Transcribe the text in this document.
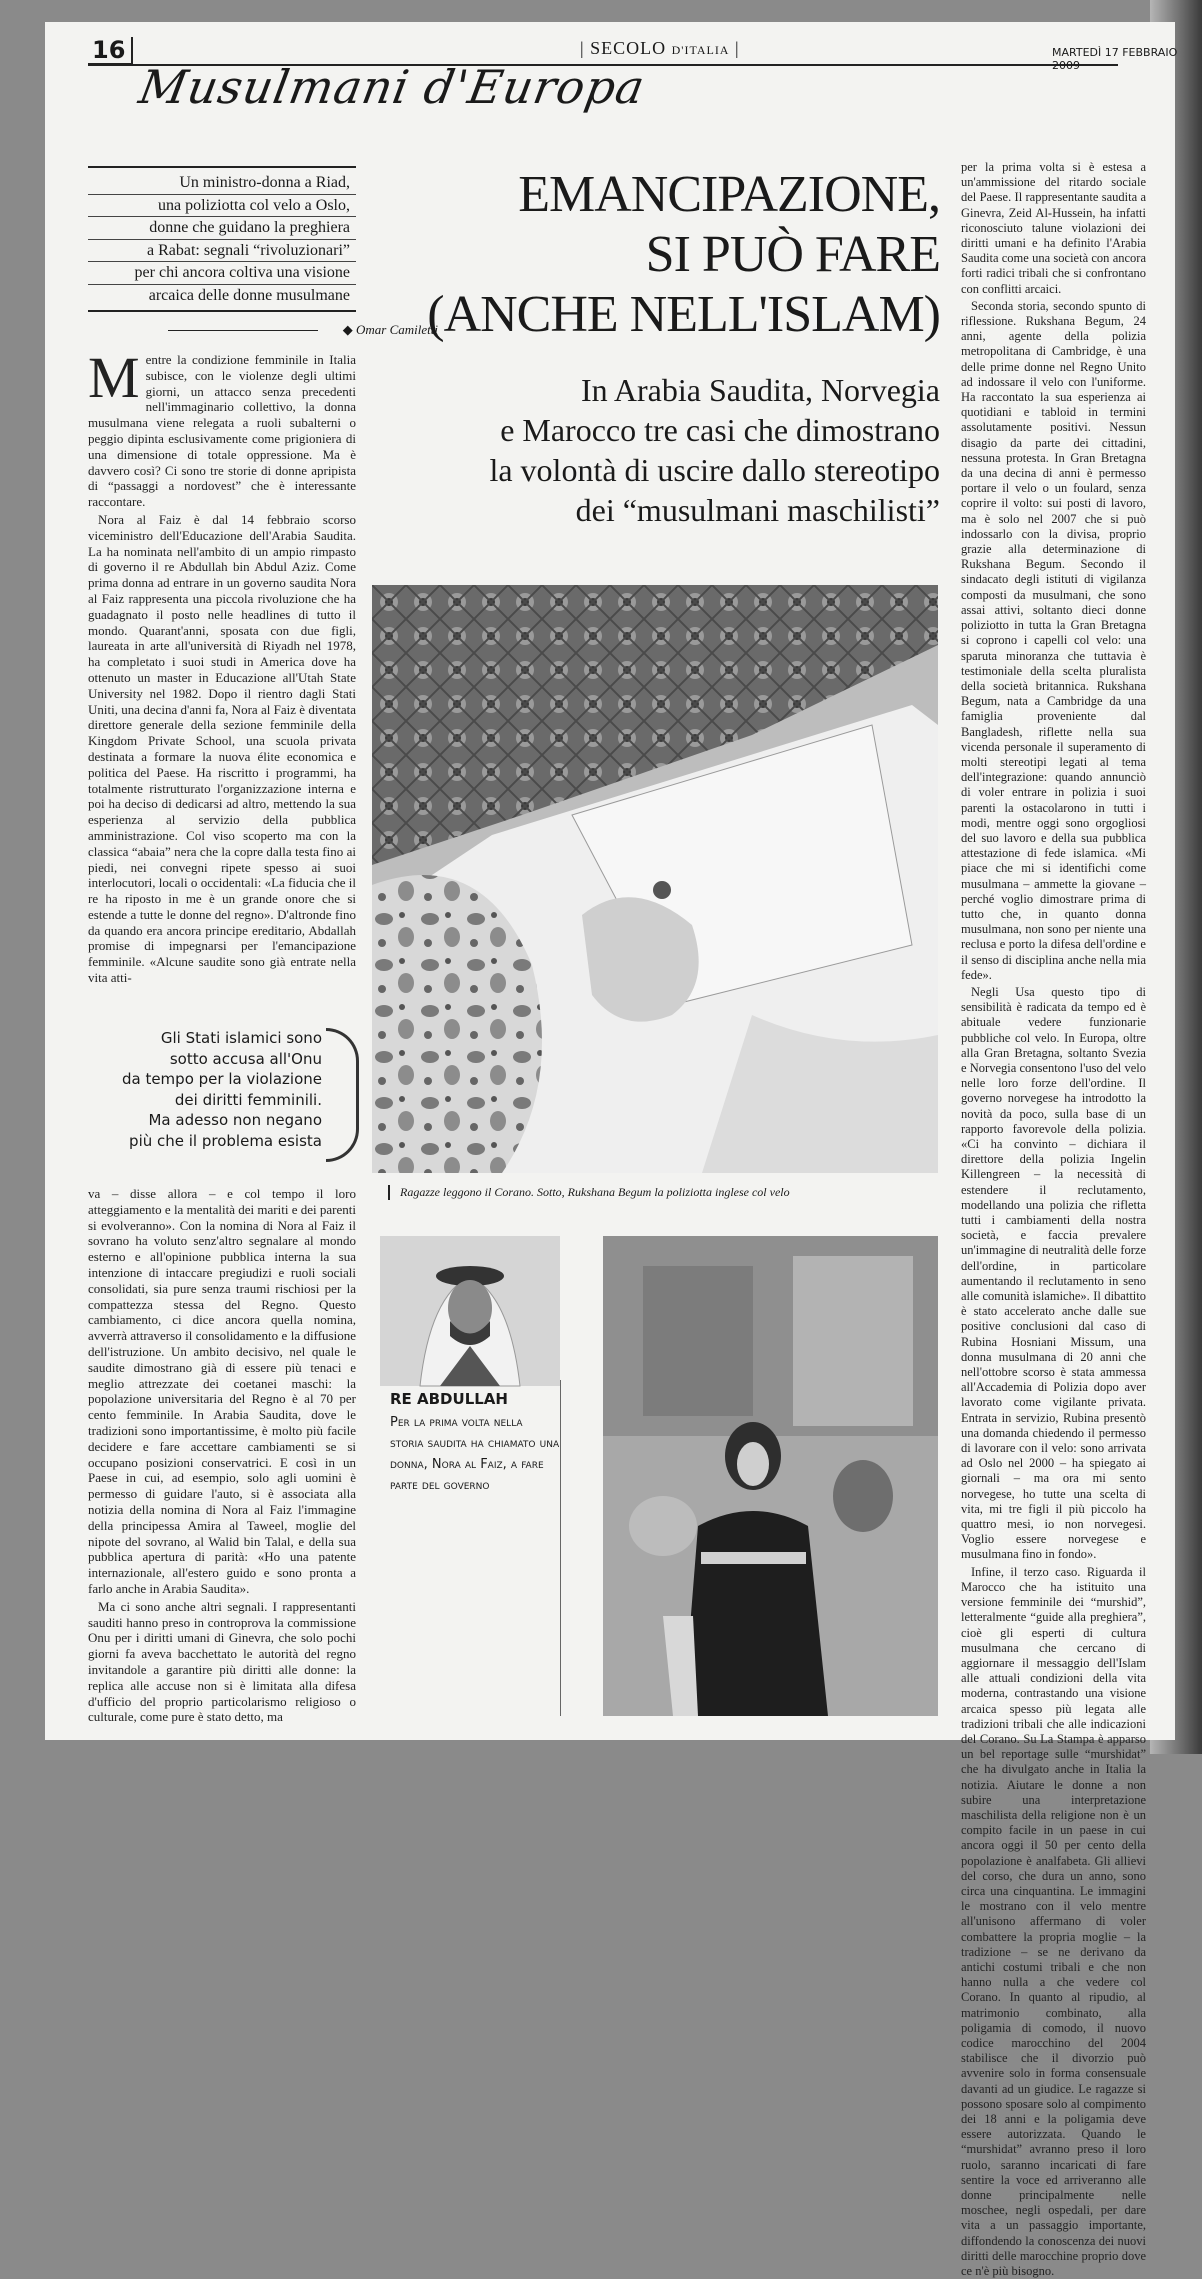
16	| SECOLO D'ITALIA |	MARTEDÌ 17 FEBBRAIO 2009
Musulmani d'Europa
Un ministro-donna a Riad,
una poliziotta col velo a Oslo,
donne che guidano la preghiera
a Rabat: segnali “rivoluzionari”
per chi ancora coltiva una visione
arcaica delle donne musulmane
◆ Omar Camiletti
EMANCIPAZIONE,
SI PUÒ FARE
(ANCHE NELL'ISLAM)
In Arabia Saudita, Norvegia
e Marocco tre casi che dimostrano
la volontà di uscire dallo stereotipo
dei “musulmani maschilisti”
M entre la condizione femminile in Italia subisce, con le violenze degli ultimi giorni, un attacco senza precedenti nell'immaginario collettivo, la donna musulmana viene relegata a ruoli subalterni o peggio dipinta esclusivamente come prigioniera di una dimensione di totale oppressione. Ma è davvero così? Ci sono tre storie di donne apripista di “passaggi a nordovest” che è interessante raccontare.

Nora al Faiz è dal 14 febbraio scorso viceministro dell'Educazione dell'Arabia Saudita. La ha nominata nell'ambito di un ampio rimpasto di governo il re Abdullah bin Abdul Aziz. Come prima donna ad entrare in un governo saudita Nora al Faiz rappresenta una piccola rivoluzione che ha guadagnato il posto nelle headlines di tutto il mondo. Quarant'anni, sposata con due figli, laureata in arte all'università di Riyadh nel 1978, ha completato i suoi studi in America dove ha ottenuto un master in Educazione all'Utah State University nel 1982. Dopo il rientro dagli Stati Uniti, una decina d'anni fa, Nora al Faiz è diventata direttore generale della sezione femminile della Kingdom Private School, una scuola privata destinata a formare la nuova élite economica e politica del Paese. Ha riscritto i programmi, ha totalmente ristrutturato l'organizzazione interna e poi ha deciso di dedicarsi ad altro, mettendo la sua esperienza al servizio della pubblica amministrazione. Col viso scoperto ma con la classica “abaia” nera che la copre dalla testa fino ai piedi, nei convegni ripete spesso ai suoi interlocutori, locali o occidentali: «La fiducia che il re ha riposto in me è un grande onore che si estende a tutte le donne del regno». D'altronde fino da quando era ancora principe ereditario, Abdallah promise di impegnarsi per l'emancipazione femminile. «Alcune saudite sono già entrate nella vita atti-

Gli Stati islamici sono
sotto accusa all'Onu
da tempo per la violazione
dei diritti femminili.
Ma adesso non negano
più che il problema esista

va – disse allora – e col tempo il loro atteggiamento e la mentalità dei mariti e dei parenti si evolveranno». Con la nomina di Nora al Faiz il sovrano ha voluto senz'altro segnalare al mondo esterno e all'opinione pubblica interna la sua intenzione di intaccare pregiudizi e ruoli sociali consolidati, sia pure senza traumi rischiosi per la compattezza stessa del Regno. Questo cambiamento, ci dice ancora quella nomina, avverrà attraverso il consolidamento e la diffusione dell'istruzione. Un ambito decisivo, nel quale le saudite dimostrano già di essere più tenaci e meglio attrezzate dei coetanei maschi: la popolazione universitaria del Regno è al 70 per cento femminile. In Arabia Saudita, dove le tradizioni sono importantissime, è molto più facile decidere e fare accettare cambiamenti se si occupano posizioni conservatrici. E così in un Paese in cui, ad esempio, solo agli uomini è permesso di guidare l'auto, si è associata alla notizia della nomina di Nora al Faiz l'immagine della principessa Amira al Taweel, moglie del nipote del sovrano, al Walid bin Talal, e della sua pubblica apertura di parità: «Ho una patente internazionale, all'estero guido e sono pronta a farlo anche in Arabia Saudita».

Ma ci sono anche altri segnali. I rappresentanti sauditi hanno preso in controprova la commissione Onu per i diritti umani di Ginevra, che solo pochi giorni fa aveva bacchettato le autorità del regno invitandole a garantire più diritti alle donne: la replica alle accuse non si è limitata alla difesa d'ufficio del proprio particolarismo religioso o culturale, come pure è stato detto, ma

Ragazze leggono il Corano. Sotto, Rukshana Begum la poliziotta inglese col velo
RE ABDULLAH
Per la prima volta nella storia saudita ha chiamato una donna, Nora al Faiz, a fare parte del governo

per la prima volta si è estesa a un'ammissione del ritardo sociale del Paese. Il rappresentante saudita a Ginevra, Zeid Al-Hussein, ha infatti riconosciuto talune violazioni dei diritti umani e ha definito l'Arabia Saudita come una società con ancora forti radici tribali che si confrontano con conflitti arcaici.

Seconda storia, secondo spunto di riflessione. Rukshana Begum, 24 anni, agente della polizia metropolitana di Cambridge, è una delle prime donne nel Regno Unito ad indossare il velo con l'uniforme. Ha raccontato la sua esperienza ai quotidiani e tabloid in termini assolutamente positivi. Nessun disagio da parte dei cittadini, nessuna protesta. In Gran Bretagna da una decina di anni è permesso portare il velo o un foulard, senza coprire il volto: sui posti di lavoro, ma è solo nel 2007 che si può indossarlo con la divisa, proprio grazie alla determinazione di Rukshana Begum. Secondo il sindacato degli istituti di vigilanza composti da musulmani, che sono assai attivi, soltanto dieci donne poliziotto in tutta la Gran Bretagna si coprono i capelli col velo: una sparuta minoranza che tuttavia è testimoniale della scelta pluralista della società britannica. Rukshana Begum, nata a Cambridge da una famiglia proveniente dal Bangladesh, riflette nella sua vicenda personale il superamento di molti stereotipi legati al tema dell'integrazione: quando annunciò di voler entrare in polizia i suoi parenti la ostacolarono in tutti i modi, mentre oggi sono orgogliosi del suo lavoro e della sua pubblica attestazione di fede islamica. «Mi piace che mi si identifichi come musulmana – ammette la giovane – perché voglio dimostrare prima di tutto che, in quanto donna musulmana, non sono per niente una reclusa e porto la difesa dell'ordine e il senso di disciplina anche nella mia fede».

Negli Usa questo tipo di sensibilità è radicata da tempo ed è abituale vedere funzionarie pubbliche col velo. In Europa, oltre alla Gran Bretagna, soltanto Svezia e Norvegia consentono l'uso del velo nelle loro forze dell'ordine. Il governo norvegese ha introdotto la novità da poco, sulla base di un rapporto favorevole della polizia. «Ci ha convinto – dichiara il direttore della polizia Ingelin Killengreen – la necessità di estendere il reclutamento, modellando una polizia che rifletta tutti i cambiamenti della nostra società, e faccia prevalere un'immagine di neutralità delle forze dell'ordine, in particolare aumentando il reclutamento in seno alle comunità islamiche». Il dibattito è stato accelerato anche dalle sue positive conclusioni dal caso di Rubina Hosniani Missum, una donna musulmana di 20 anni che nell'ottobre scorso è stata ammessa all'Accademia di Polizia dopo aver lavorato come vigilante privata. Entrata in servizio, Rubina presentò una domanda chiedendo il permesso di lavorare con il velo: sono arrivata ad Oslo nel 2000 – ha spiegato ai giornali – ma ora mi sento norvegese, ho tutte una scelta di vita, mi tre figli il più piccolo ha quattro mesi, io non norvegesi. Voglio essere norvegese e musulmana fino in fondo».

Infine, il terzo caso. Riguarda il Marocco che ha istituito una versione femminile dei “murshid”, letteralmente “guide alla preghiera”, cioè gli esperti di cultura musulmana che cercano di aggiornare il messaggio dell'Islam alle attuali condizioni della vita moderna, contrastando una visione arcaica spesso più legata alle tradizioni tribali che alle indicazioni del Corano. Su La Stampa è apparso un bel reportage sulle “murshidat” che ha divulgato anche in Italia la notizia. Aiutare le donne a non subire una interpretazione maschilista della religione non è un compito facile in un paese in cui ancora oggi il 50 per cento della popolazione è analfabeta. Gli allievi del corso, che dura un anno, sono circa una cinquantina. Le immagini le mostrano con il velo mentre all'unisono affermano di voler combattere la propria moglie – la tradizione – se ne derivano da antichi costumi tribali e che non hanno nulla a che vedere col Corano. In quanto al ripudio, al matrimonio combinato, alla poligamia di comodo, il nuovo codice marocchino del 2004 stabilisce che il divorzio può avvenire solo in forma consensuale davanti ad un giudice. Le ragazze si possono sposare solo al compimento dei 18 anni e la poligamia deve essere autorizzata. Quando le “murshidat” avranno preso il loro ruolo, saranno incaricati di fare sentire la voce ed arriveranno alle donne principalmente nelle moschee, negli ospedali, per dare vita a un passaggio importante, diffondendo la conoscenza dei nuovi diritti delle marocchine proprio dove ce n'è più bisogno.
